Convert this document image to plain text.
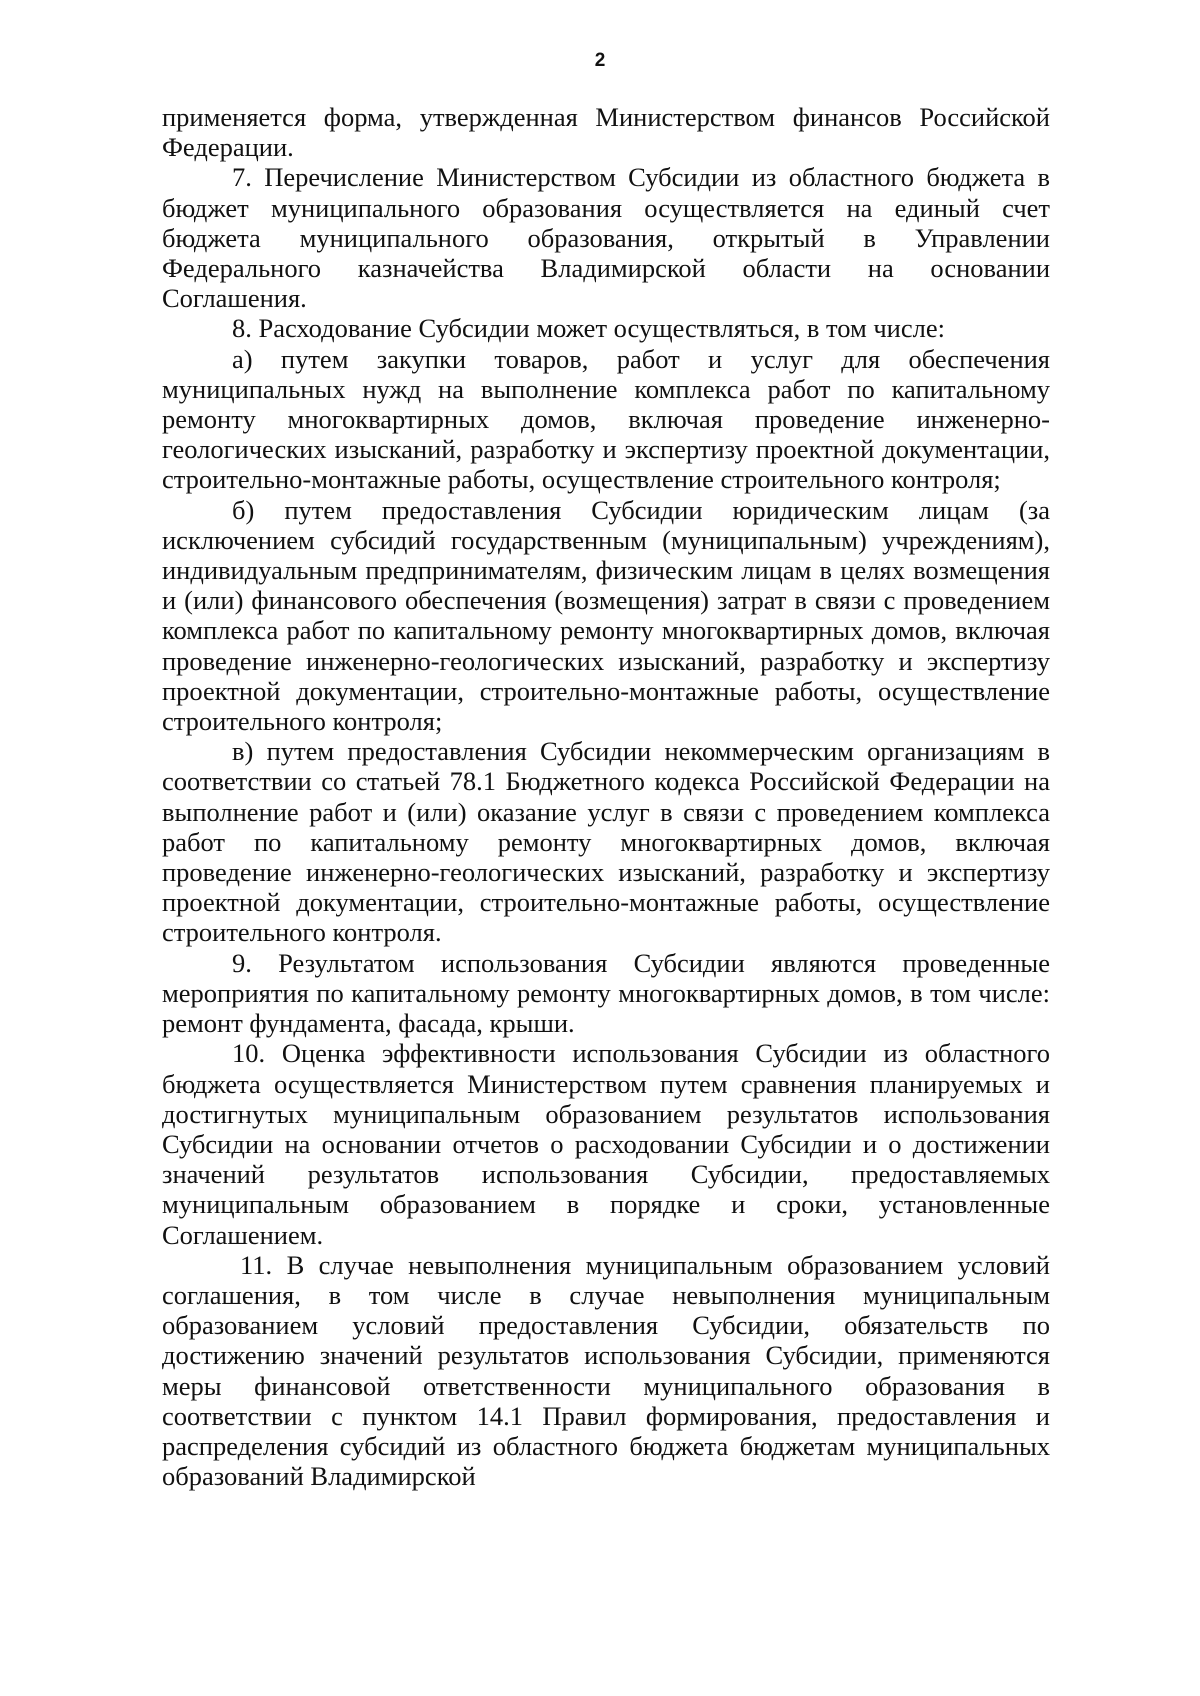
2

применяется форма, утвержденная Министерством финансов Российской Федерации.

7. Перечисление Министерством Субсидии из областного бюджета в бюджет муниципального образования осуществляется на единый счет бюджета муниципального образования, открытый в Управлении Федерального казначейства Владимирской области на основании Соглашения.

8. Расходование Субсидии может осуществляться, в том числе:

а) путем закупки товаров, работ и услуг для обеспечения муниципальных нужд на выполнение комплекса работ по капитальному ремонту многоквартирных домов, включая проведение инженерно-геологических изысканий, разработку и экспертизу проектной документации, строительно-монтажные работы, осуществление строительного контроля;

б) путем предоставления Субсидии юридическим лицам (за исключением субсидий государственным (муниципальным) учреждениям), индивидуальным предпринимателям, физическим лицам в целях возмещения и (или) финансового обеспечения (возмещения) затрат в связи с проведением комплекса работ по капитальному ремонту многоквартирных домов, включая проведение инженерно-геологических изысканий, разработку и экспертизу проектной документации, строительно-монтажные работы, осуществление строительного контроля;

в) путем предоставления Субсидии некоммерческим организациям в соответствии со статьей 78.1 Бюджетного кодекса Российской Федерации на выполнение работ и (или) оказание услуг в связи с проведением комплекса работ по капитальному ремонту многоквартирных домов, включая проведение инженерно-геологических изысканий, разработку и экспертизу проектной документации, строительно-монтажные работы, осуществление строительного контроля.

9. Результатом использования Субсидии являются проведенные мероприятия по капитальному ремонту многоквартирных домов, в том числе: ремонт фундамента, фасада, крыши.

10. Оценка эффективности использования Субсидии из областного бюджета осуществляется Министерством путем сравнения планируемых и достигнутых муниципальным образованием результатов использования Субсидии на основании отчетов о расходовании Субсидии и о достижении значений результатов использования Субсидии, предоставляемых муниципальным образованием в порядке и сроки, установленные Соглашением.

11. В случае невыполнения муниципальным образованием условий соглашения, в том числе в случае невыполнения муниципальным образованием условий предоставления Субсидии, обязательств по достижению значений результатов использования Субсидии, применяются меры финансовой ответственности муниципального образования в соответствии с пунктом 14.1 Правил формирования, предоставления и распределения субсидий из областного бюджета бюджетам муниципальных образований Владимирской
